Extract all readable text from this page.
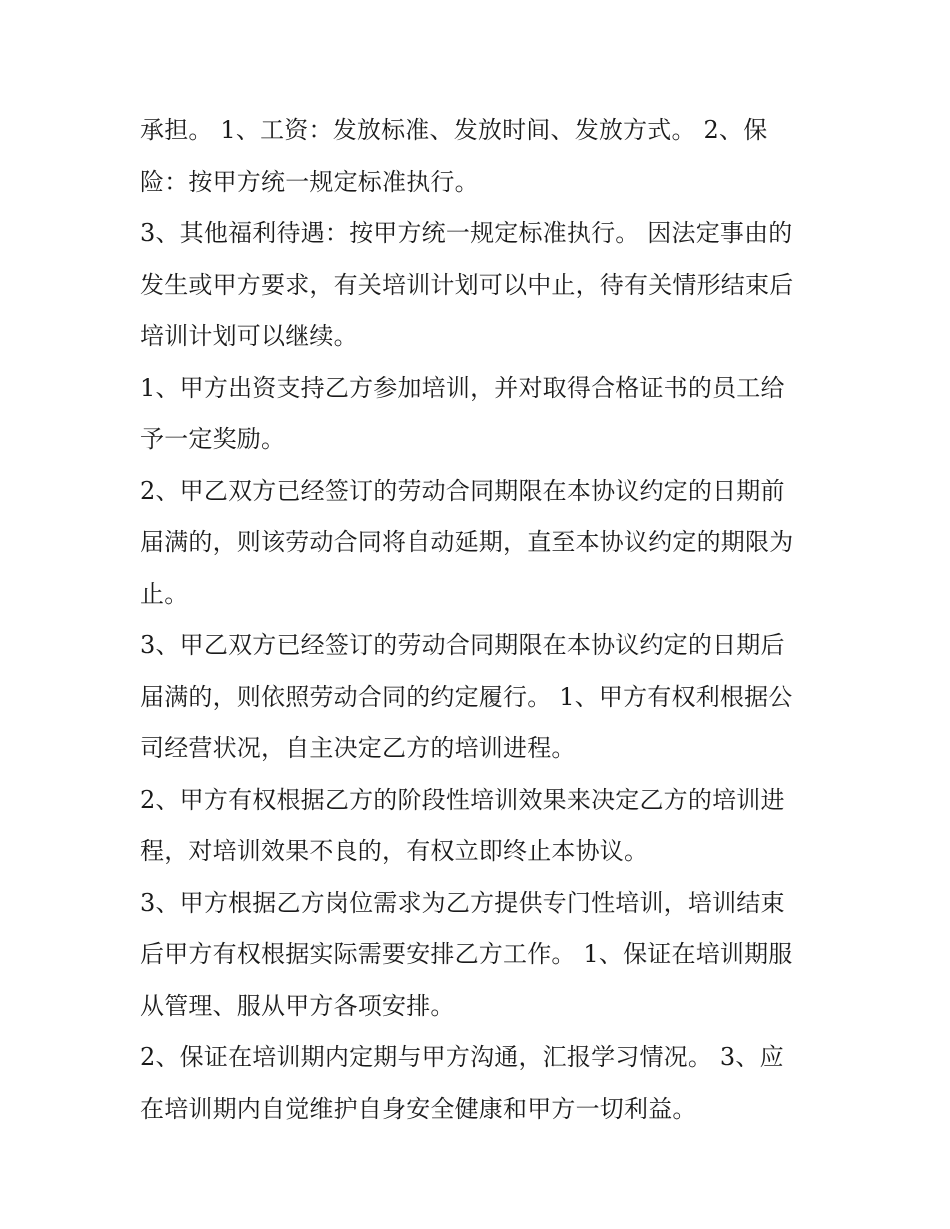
承担。 1、工资：发放标准、发放时间、发放方式。 2、保
险：按甲方统一规定标准执行。
3、其他福利待遇：按甲方统一规定标准执行。 因法定事由的
发生或甲方要求，有关培训计划可以中止，待有关情形结束后
培训计划可以继续。
1、甲方出资支持乙方参加培训，并对取得合格证书的员工给
予一定奖励。
2、甲乙双方已经签订的劳动合同期限在本协议约定的日期前
届满的，则该劳动合同将自动延期，直至本协议约定的期限为
止。
3、甲乙双方已经签订的劳动合同期限在本协议约定的日期后
届满的，则依照劳动合同的约定履行。 1、甲方有权利根据公
司经营状况，自主决定乙方的培训进程。
2、甲方有权根据乙方的阶段性培训效果来决定乙方的培训进
程，对培训效果不良的，有权立即终止本协议。
3、甲方根据乙方岗位需求为乙方提供专门性培训，培训结束
后甲方有权根据实际需要安排乙方工作。 1、保证在培训期服
从管理、服从甲方各项安排。
2、保证在培训期内定期与甲方沟通，汇报学习情况。 3、应
在培训期内自觉维护自身安全健康和甲方一切利益。
